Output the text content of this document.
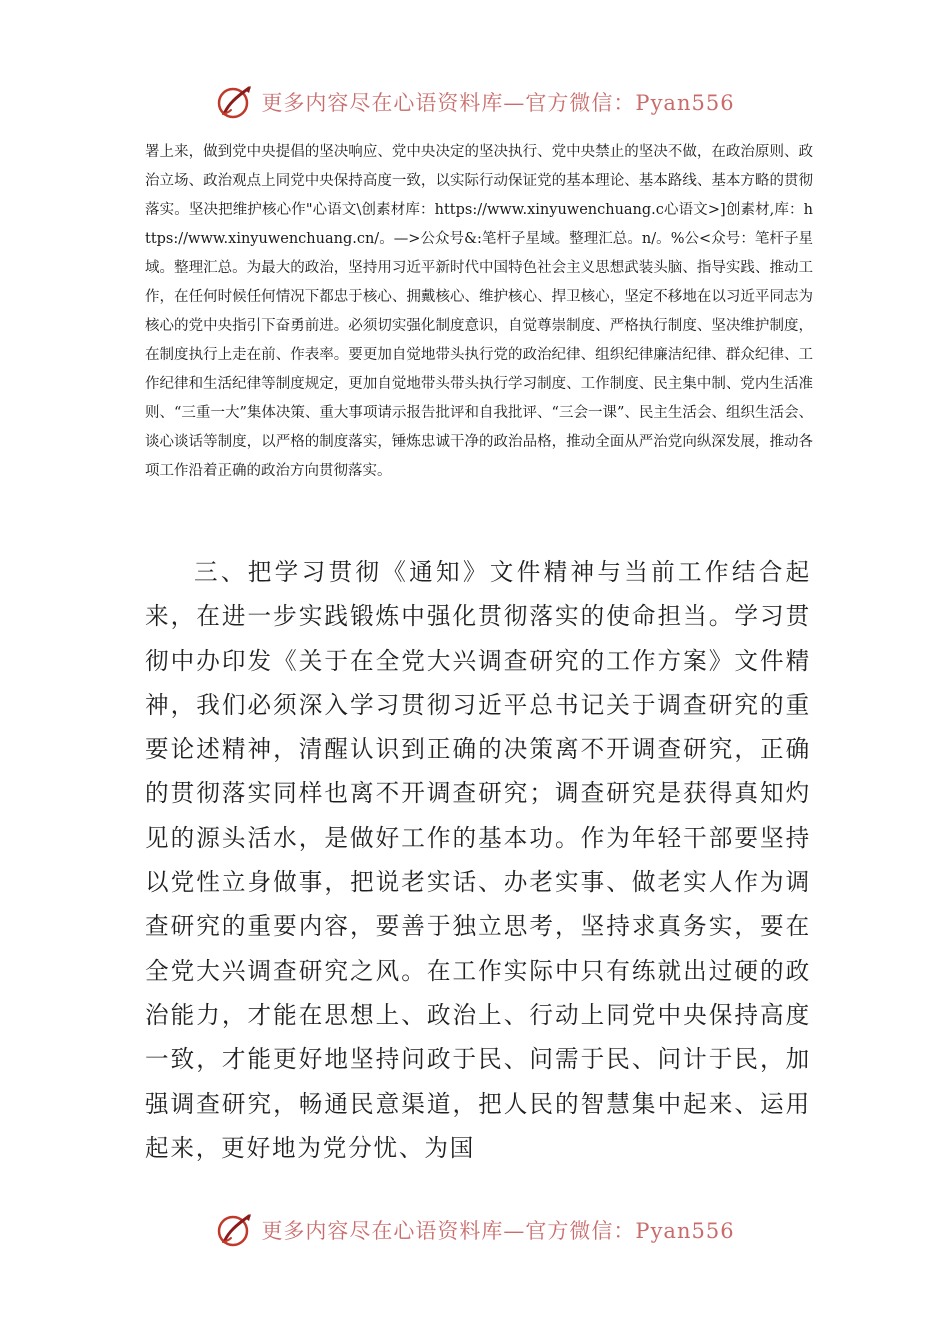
更多内容尽在心语资料库—官方微信：Pyan556

署上来，做到党中央提倡的坚决响应、党中央决定的坚决执行、党中央禁止的坚决不做，在政治原则、政治立场、政治观点上同党中央保持高度一致，以实际行动保证党的基本理论、基本路线、基本方略的贯彻落实。坚决把维护核心作"心语文\创素材库：https://www.xinyuwenchuang.c心语文>]创素材,库：https://www.xinyuwenchuang.cn/。—>公众号&:笔杆子星域。整理汇总。n/。%公<众号：笔杆子星域。整理汇总。为最大的政治，坚持用习近平新时代中国特色社会主义思想武装头脑、指导实践、推动工作，在任何时候任何情况下都忠于核心、拥戴核心、维护核心、捍卫核心，坚定不移地在以习近平同志为核心的党中央指引下奋勇前进。必须切实强化制度意识，自觉尊崇制度、严格执行制度、坚决维护制度，在制度执行上走在前、作表率。要更加自觉地带头执行党的政治纪律、组织纪律廉洁纪律、群众纪律、工作纪律和生活纪律等制度规定，更加自觉地带头带头执行学习制度、工作制度、民主集中制、党内生活准则、“三重一大”集体决策、重大事项请示报告批评和自我批评、“三会一课”、民主生活会、组织生活会、谈心谈话等制度，以严格的制度落实，锤炼忠诚干净的政治品格，推动全面从严治党向纵深发展，推动各项工作沿着正确的政治方向贯彻落实。

三、把学习贯彻《通知》文件精神与当前工作结合起来，在进一步实践锻炼中强化贯彻落实的使命担当。学习贯彻中办印发《关于在全党大兴调查研究的工作方案》文件精神，我们必须深入学习贯彻习近平总书记关于调查研究的重要论述精神，清醒认识到正确的决策离不开调查研究，正确的贯彻落实同样也离不开调查研究；调查研究是获得真知灼见的源头活水，是做好工作的基本功。作为年轻干部要坚持以党性立身做事，把说老实话、办老实事、做老实人作为调查研究的重要内容，要善于独立思考，坚持求真务实，要在全党大兴调查研究之风。在工作实际中只有练就出过硬的政治能力，才能在思想上、政治上、行动上同党中央保持高度一致，才能更好地坚持问政于民、问需于民、问计于民，加强调查研究，畅通民意渠道，把人民的智慧集中起来、运用起来，更好地为党分忧、为国

更多内容尽在心语资料库—官方微信：Pyan556
